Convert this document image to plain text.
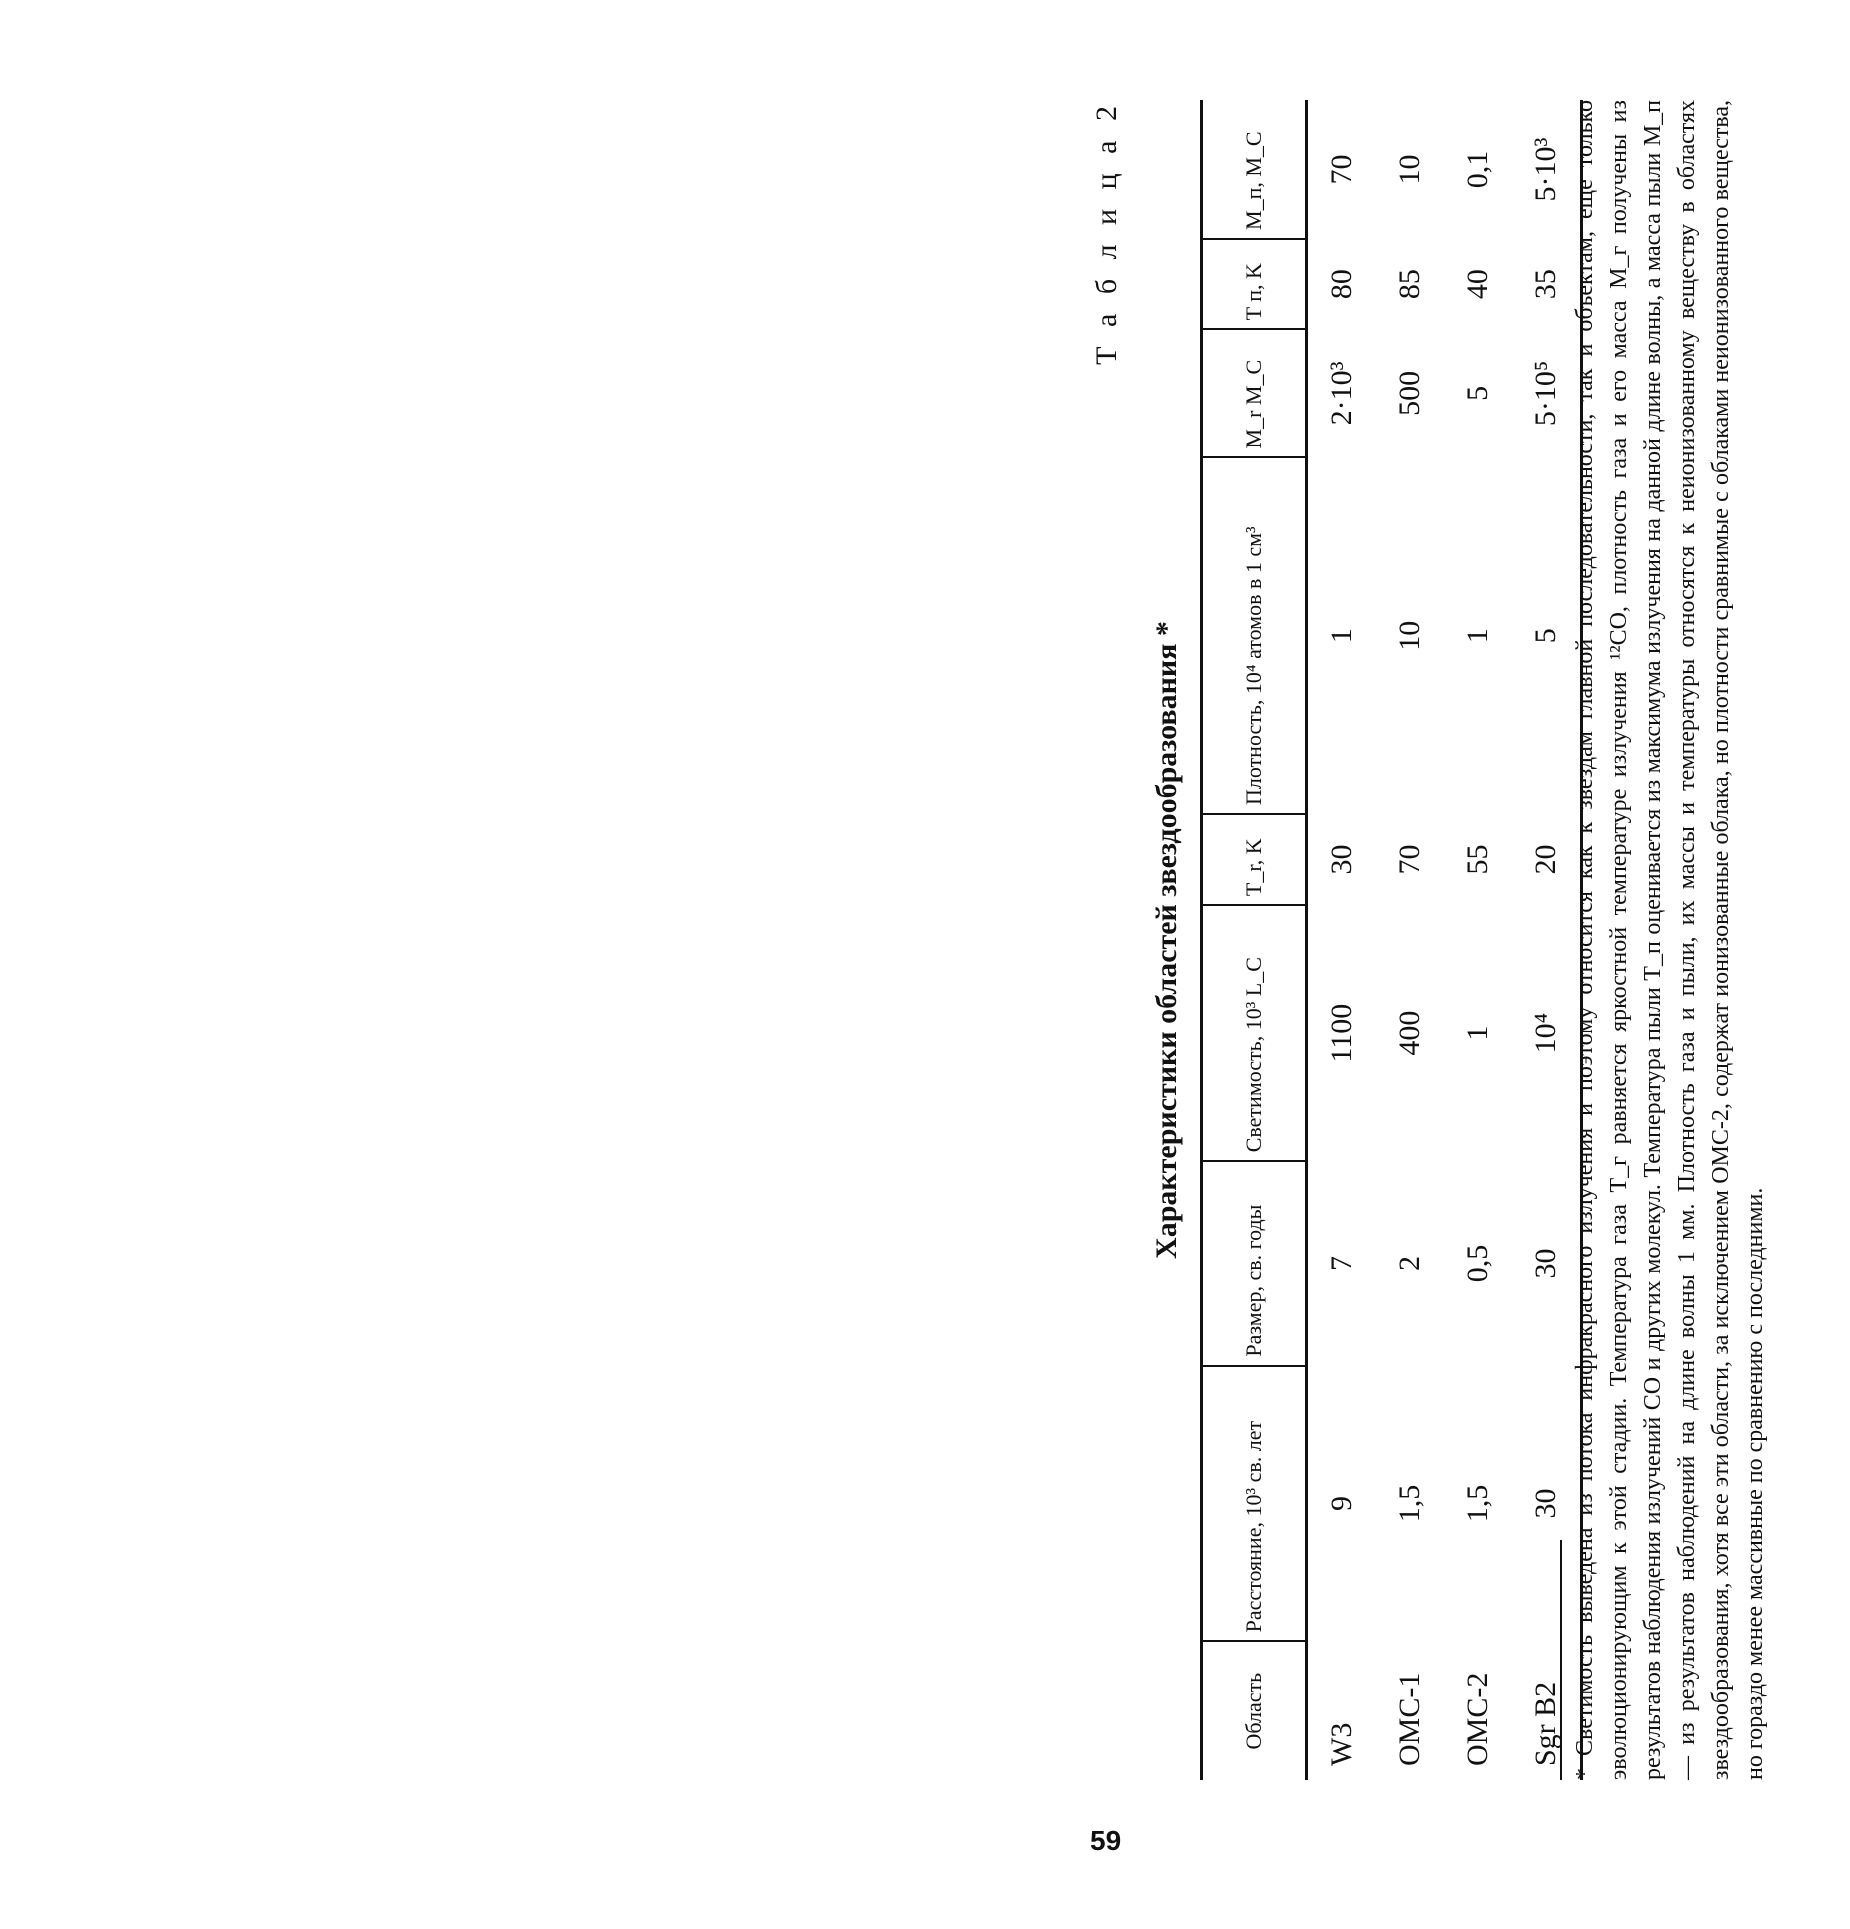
Т а б л и ц а 2
Характеристики областей звездообразования *
Область	Расстояние, 10³ св. лет	Размер, св. годы	Светимость, 10³ L_C	T_r, K	Плотность, 10⁴ атомов в 1 см³	M_r M_C	T п, K	M_п, M_C
W3	9	7	1100	30	1	2·10³	80	70
OMC-1	1,5	2	400	70	10	500	85	10
OMC-2	1,5	0,5	1	55	1	5	40	0,1
Sgr B2	30	30	10⁴	20	5	5·10⁵	35	5·10³ * Светимость выведена из потока инфракрасного излучения и поэтому относится как к звездам главной последовательности, так и объектам, еще только эволюционирующим к этой стадии. Температура газа T_г равняется яркостной температуре излучения ¹²CO, плотность газа и его масса M_г получены из результатов наблюдения излучений CO и других молекул. Температура пыли T_п оценивается из максимума излучения на данной длине волны, а масса пыли M_п — из результатов наблюдений на длине волны 1 мм. Плотность газа и пыли, их массы и температуры относятся к неионизованному веществу в областях звездообразования, хотя все эти области, за исключением OMC-2, содержат ионизованные облака, но плотности сравнимые с облаками неионизованного вещества, но гораздо менее массивные по сравнению с последними.
59
